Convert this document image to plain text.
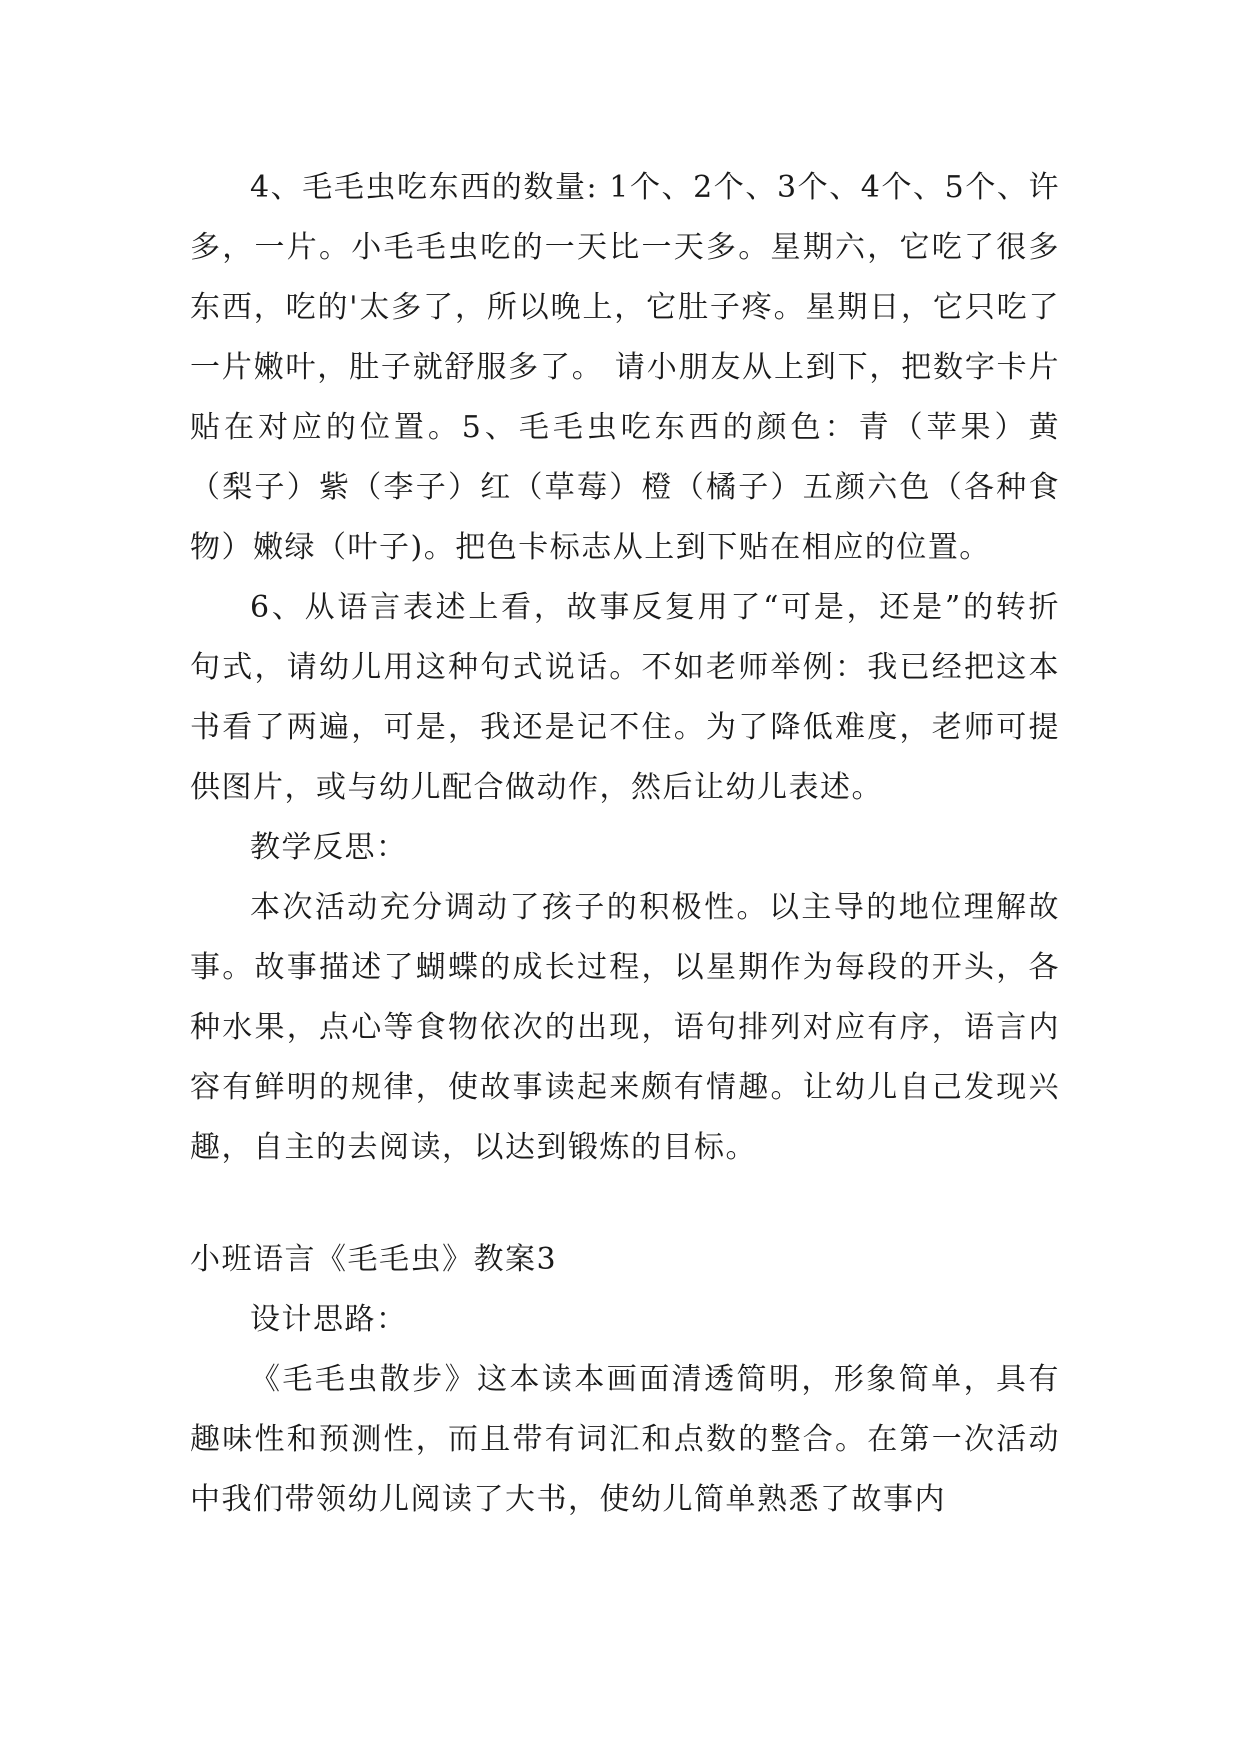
4、毛毛虫吃东西的数量: 1个、2个、3个、4个、5个、许多，一片。小毛毛虫吃的一天比一天多。星期六，它吃了很多东西，吃的'太多了，所以晚上，它肚子疼。星期日，它只吃了一片嫩叶，肚子就舒服多了。 请小朋友从上到下，把数字卡片贴在对应的位置。5、毛毛虫吃东西的颜色：青（苹果）黄（梨子）紫（李子）红（草莓）橙（橘子）五颜六色（各种食物）嫩绿（叶子)。把色卡标志从上到下贴在相应的位置。

6、从语言表述上看，故事反复用了“可是，还是”的转折句式，请幼儿用这种句式说话。不如老师举例：我已经把这本书看了两遍，可是，我还是记不住。为了降低难度，老师可提供图片，或与幼儿配合做动作，然后让幼儿表述。

教学反思：

本次活动充分调动了孩子的积极性。以主导的地位理解故事。故事描述了蝴蝶的成长过程，以星期作为每段的开头，各种水果，点心等食物依次的出现，语句排列对应有序，语言内容有鲜明的规律，使故事读起来颇有情趣。让幼儿自己发现兴趣，自主的去阅读，以达到锻炼的目标。

小班语言《毛毛虫》教案3

设计思路：

《毛毛虫散步》这本读本画面清透简明，形象简单，具有趣味性和预测性，而且带有词汇和点数的整合。在第一次活动中我们带领幼儿阅读了大书，使幼儿简单熟悉了故事内
